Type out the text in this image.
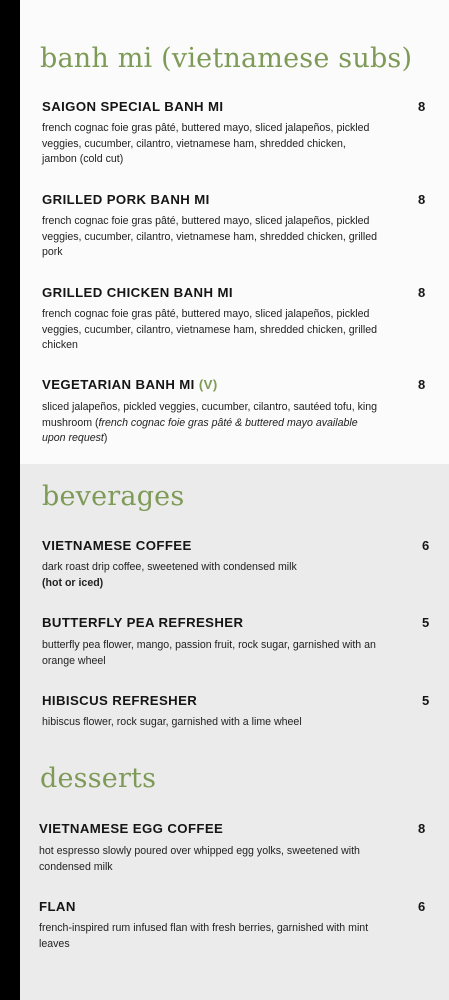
banh mi (vietnamese subs)
SAIGON SPECIAL BANH MI	8
french cognac foie gras pâté, buttered mayo, sliced jalapeños, pickled veggies, cucumber, cilantro, vietnamese ham, shredded chicken, jambon (cold cut)
GRILLED PORK BANH MI	8
french cognac foie gras pâté, buttered mayo, sliced jalapeños, pickled veggies, cucumber, cilantro, vietnamese ham, shredded chicken, grilled pork
GRILLED CHICKEN BANH MI	8
french cognac foie gras pâté, buttered mayo, sliced jalapeños, pickled veggies, cucumber, cilantro, vietnamese ham, shredded chicken, grilled chicken
VEGETARIAN BANH MI (V)	8
sliced jalapeños, pickled veggies, cucumber, cilantro, sautéed tofu, king mushroom (french cognac foie gras pâté & buttered mayo available upon request)
beverages
VIETNAMESE COFFEE	6
dark roast drip coffee, sweetened with condensed milk
(hot or iced)
BUTTERFLY PEA REFRESHER	5
butterfly pea flower, mango, passion fruit, rock sugar, garnished with an orange wheel
HIBISCUS REFRESHER	5
hibiscus flower, rock sugar, garnished with a lime wheel
desserts
VIETNAMESE EGG COFFEE	8
hot espresso slowly poured over whipped egg yolks, sweetened with condensed milk
FLAN	6
french-inspired rum infused flan with fresh berries, garnished with mint leaves
